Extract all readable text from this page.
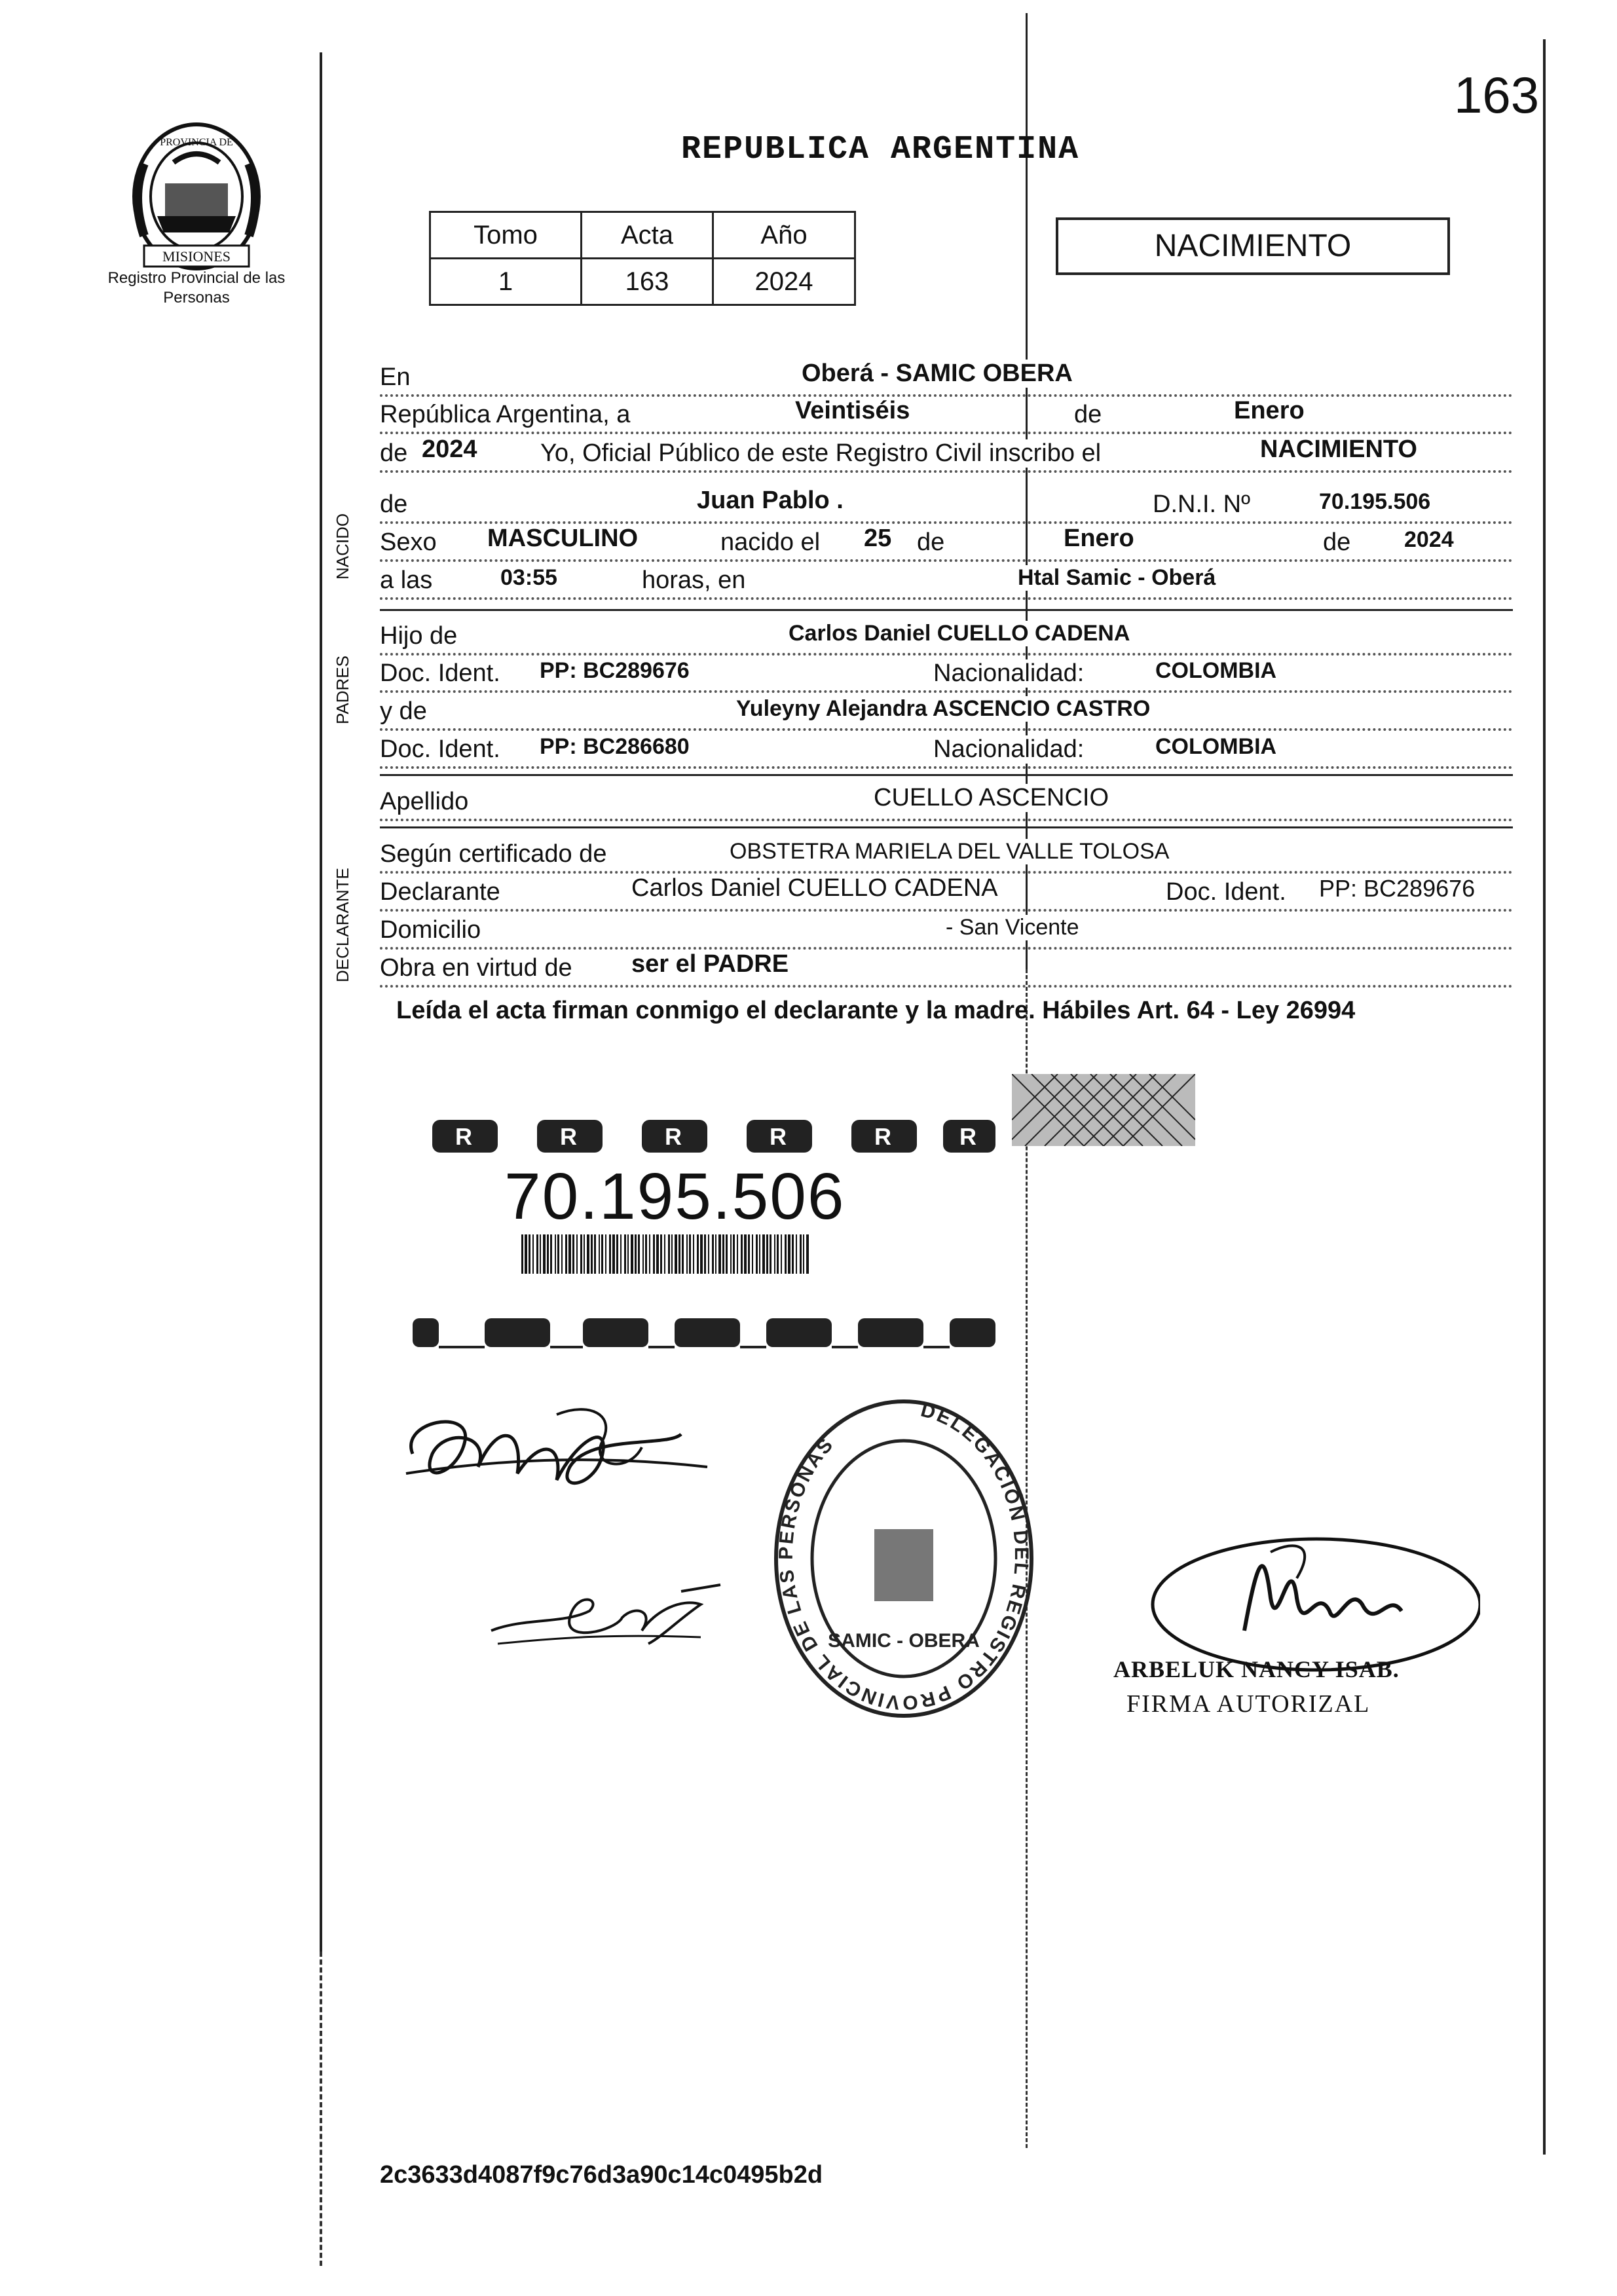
163
PROVINCIA DE
MISIONES
Registro Provincial de las Personas
REPUBLICA ARGENTINA
Tomo	Acta	Año
1	163	2024
NACIMIENTO
NACIDO
PADRES
DECLARANTE
En	Oberá - SAMIC OBERA
República Argentina, a	Veintiséis	de	Enero
de 2024	Yo, Oficial Público de este Registro Civil inscribo el	NACIMIENTO
de	Juan Pablo .	D.N.I. Nº	70.195.506
Sexo MASCULINO	nacido el 25 de	Enero	de 2024
a las	03:55	horas, en	Htal Samic - Oberá
Hijo de	Carlos Daniel CUELLO CADENA
Doc. Ident. PP: BC289676	Nacionalidad:	COLOMBIA
y de	Yuleyny Alejandra ASCENCIO CASTRO
Doc. Ident. PP: BC286680	Nacionalidad:	COLOMBIA
Apellido	CUELLO ASCENCIO
Según certificado de	OBSTETRA MARIELA DEL VALLE TOLOSA
Declarante	Carlos Daniel CUELLO CADENA	Doc. Ident. PP: BC289676
Domicilio	- San Vicente
Obra en virtud de ser el PADRE
Leída el acta firman conmigo el declarante y la madre. Hábiles Art. 64 - Ley 26994
R	R	R	R	R	R
70.195.506
DELEGACIÓN DEL REGISTRO PROVINCIAL DE LAS PERSONAS
SAMIC - OBERA
ARBELUK NANCY ISAB.
FIRMA AUTORIZAL
2c3633d4087f9c76d3a90c14c0495b2d
